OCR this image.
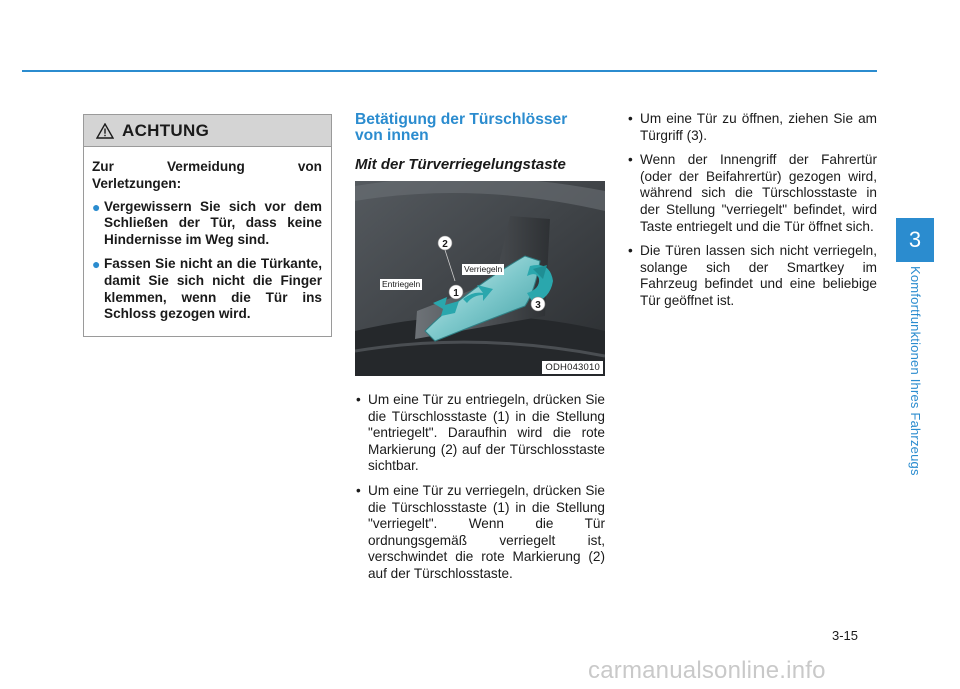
ACHTUNG
Zur	Vermeidung	von
Verletzungen:
● Vergewissern Sie sich vor dem Schließen der Tür, dass keine Hindernisse im Weg sind.
● Fassen Sie nicht an die Türkante, damit Sie sich nicht die Finger klemmen, wenn die Tür ins Schloss gezogen wird.
Betätigung der Türschlösser
von innen
Mit der Türverriegelungstaste
2
1
3
Entriegeln
Verriegeln
ODH043010
• Um eine Tür zu entriegeln, drücken Sie die Türschlosstaste (1) in die Stellung "entriegelt". Daraufhin wird die rote Markierung (2) auf der Türschlosstaste sichtbar.
• Um eine Tür zu verriegeln, drücken Sie die Türschlosstaste (1) in die Stellung "verriegelt". Wenn die Tür ordnungsgemäß verriegelt ist, verschwindet die rote Markierung (2) auf der Türschlosstaste.
• Um eine Tür zu öffnen, ziehen Sie am Türgriff (3).
• Wenn der Innengriff der Fahrertür (oder der Beifahrertür) gezogen wird, während sich die Türschlosstaste in der Stellung "verriegelt" befindet, wird Taste entriegelt und die Tür öffnet sich.
• Die Türen lassen sich nicht verriegeln, solange sich der Smartkey im Fahrzeug befindet und eine beliebige Tür geöffnet ist.
3
Komfortfunktionen Ihres Fahrzeugs
3-15
carmanualsonline.info
